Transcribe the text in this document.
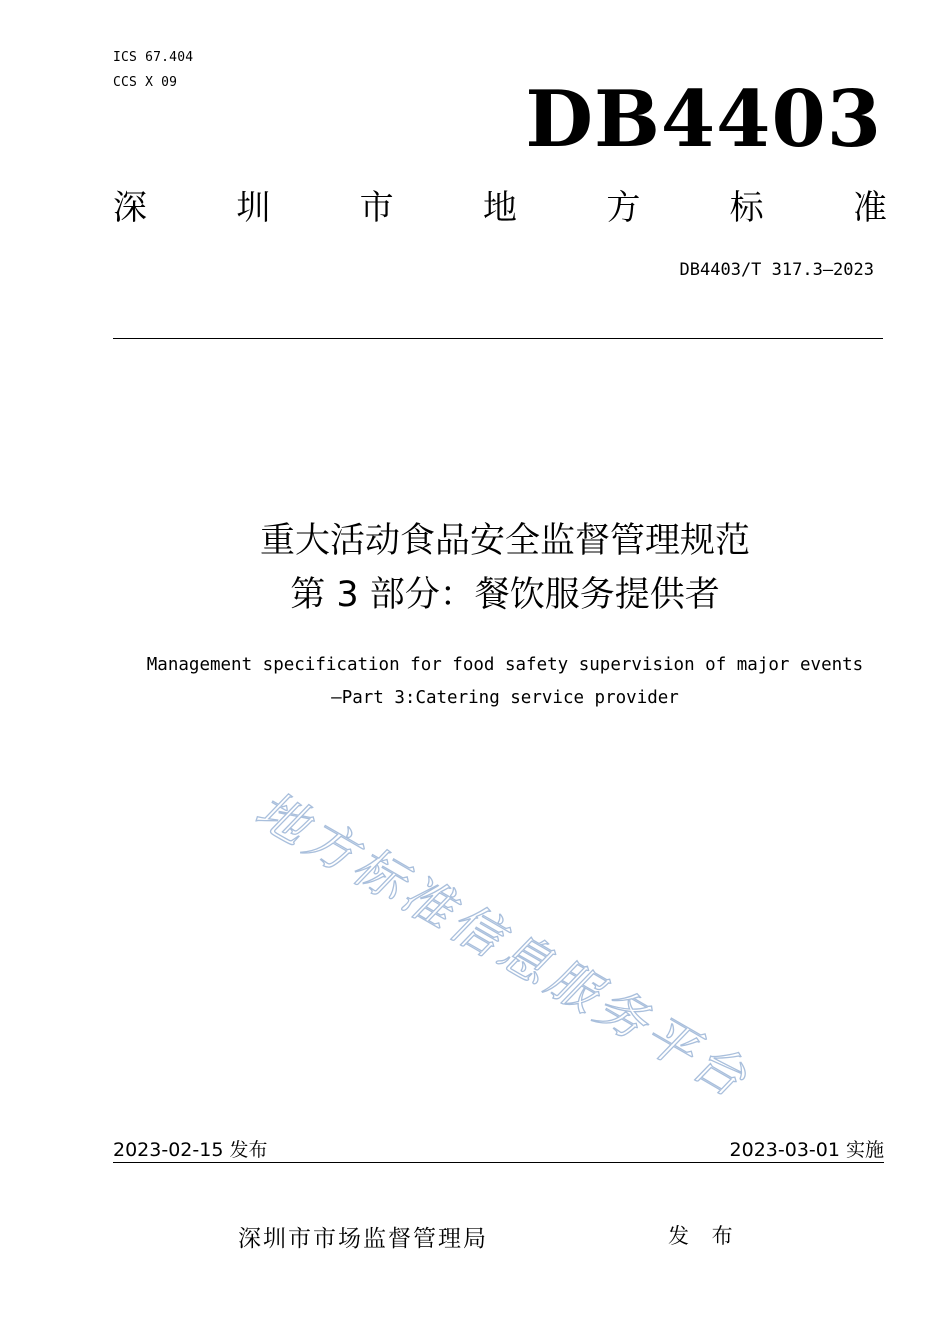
ICS 67.404
CCS X 09	DB4403
深	圳	市	地	方	标	准
DB4403/T 317.3—2023
重大活动食品安全监督管理规范
第 3 部分：餐饮服务提供者
Management specification for food safety supervision of major events
—Part 3:Catering service provider
地方标准信息服务平台
2023-02-15 发布	2023-03-01 实施
深圳市市场监督管理局	发 布
